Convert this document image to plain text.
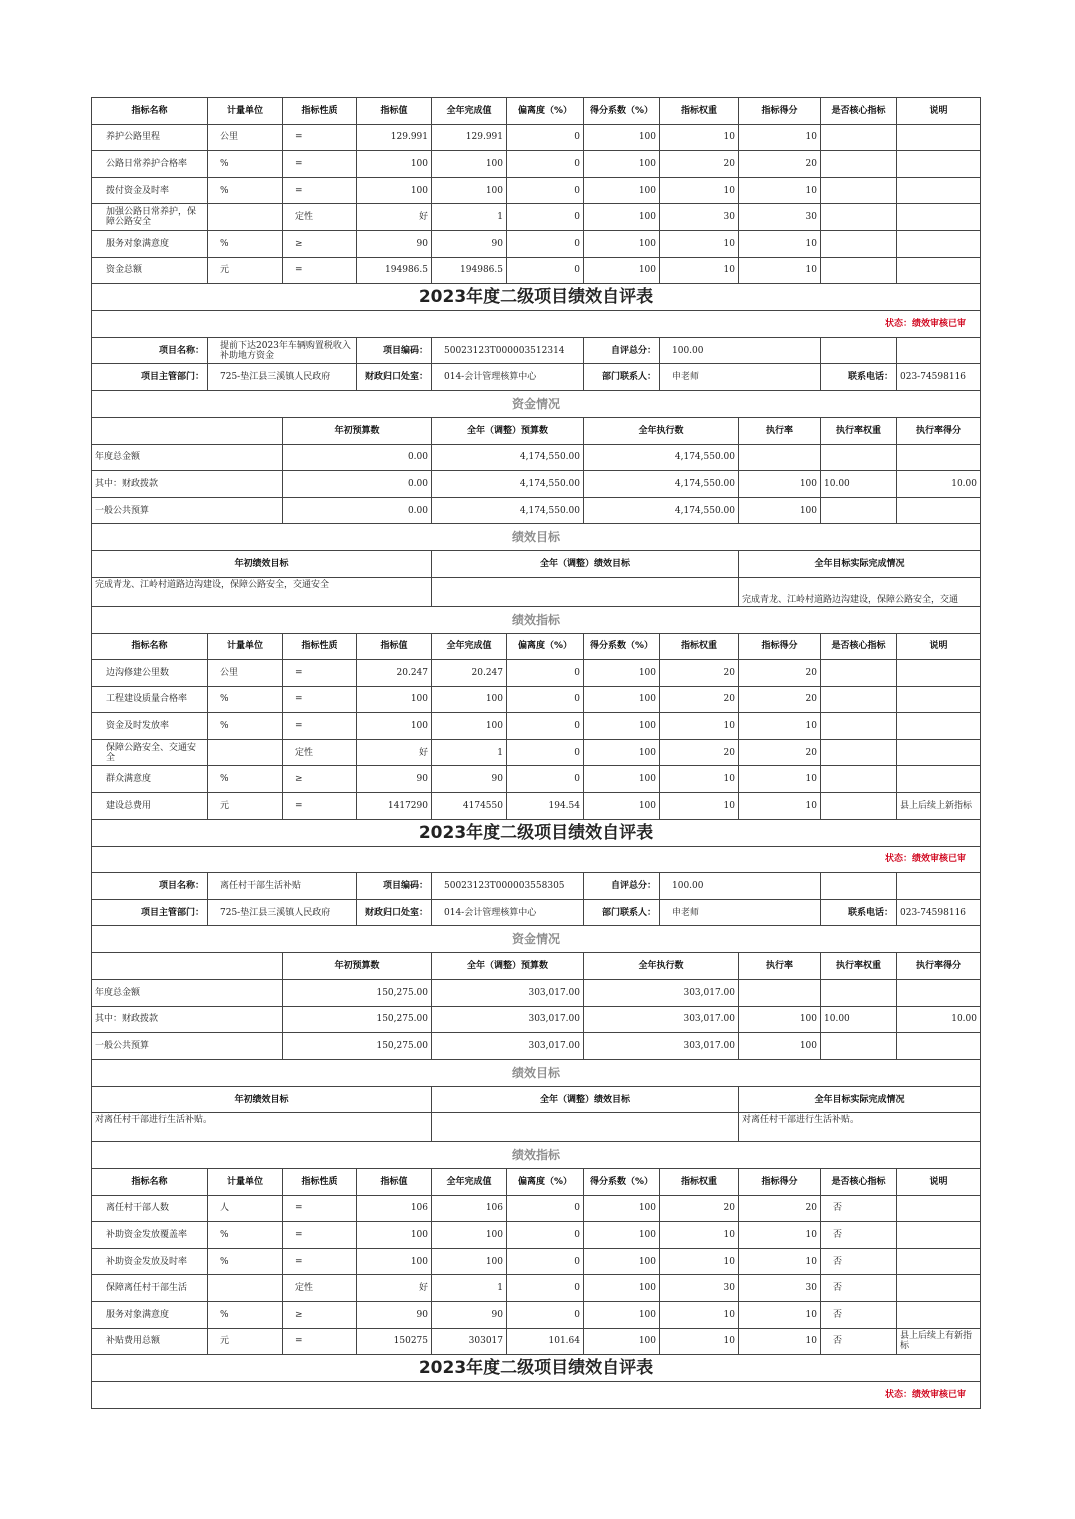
指标名称	计量单位	指标性质	指标值	全年完成值	偏离度（%）	得分系数（%）	指标权重	指标得分	是否核心指标	说明
养护公路里程	公里	=	129.991	129.991	0	100	10	10		
公路日常养护合格率	%	=	100	100	0	100	20	20		
拨付资金及时率	%	=	100	100	0	100	10	10		
加强公路日常养护，保障公路安全		定性	好	1	0	100	30	30		
服务对象满意度	%	≥	90	90	0	100	10	10		
资金总额	元	=	194986.5	194986.5	0	100	10	10		
2023年度二级项目绩效自评表										
状态：绩效审核已审										
项目名称：	提前下达2023年车辆购置税收入补助地方资金		项目编码：	50023123T000003512314		自评总分：	100.00			
项目主管部门：	725-垫江县三溪镇人民政府		财政归口处室：	014-会计管理核算中心		部门联系人：	申老师		联系电话：	023-74598116
资金情况										
		年初预算数		全年（调整）预算数		全年执行数		执行率	执行率权重	执行率得分
年度总金额		0.00		4,174,550.00		4,174,550.00				
其中：财政拨款		0.00		4,174,550.00		4,174,550.00		100	10.00	10.00
一般公共预算		0.00		4,174,550.00		4,174,550.00		100		
绩效目标										
年初绩效目标				全年（调整）绩效目标				全年目标实际完成情况		
完成青龙、江岭村道路边沟建设，保障公路安全，交通安全								完成青龙、江岭村道路边沟建设，保障公路安全，交通		
绩效指标										
指标名称	计量单位	指标性质	指标值	全年完成值	偏离度（%）	得分系数（%）	指标权重	指标得分	是否核心指标	说明
边沟修建公里数	公里	=	20.247	20.247	0	100	20	20		
工程建设质量合格率	%	=	100	100	0	100	20	20		
资金及时发放率	%	=	100	100	0	100	10	10		
保障公路安全、交通安全		定性	好	1	0	100	20	20		
群众满意度	%	≥	90	90	0	100	10	10		
建设总费用	元	=	1417290	4174550	194.54	100	10	10		县上后续上新指标
2023年度二级项目绩效自评表										
状态：绩效审核已审										
项目名称：	离任村干部生活补贴		项目编码：	50023123T000003558305		自评总分：	100.00			
项目主管部门：	725-垫江县三溪镇人民政府		财政归口处室：	014-会计管理核算中心		部门联系人：	申老师		联系电话：	023-74598116
资金情况										
		年初预算数		全年（调整）预算数		全年执行数		执行率	执行率权重	执行率得分
年度总金额		150,275.00		303,017.00		303,017.00				
其中：财政拨款		150,275.00		303,017.00		303,017.00		100	10.00	10.00
一般公共预算		150,275.00		303,017.00		303,017.00		100		
绩效目标										
年初绩效目标				全年（调整）绩效目标				全年目标实际完成情况		
对离任村干部进行生活补贴。								对离任村干部进行生活补贴。		
绩效指标										
指标名称	计量单位	指标性质	指标值	全年完成值	偏离度（%）	得分系数（%）	指标权重	指标得分	是否核心指标	说明
离任村干部人数	人	=	106	106	0	100	20	20	否	
补助资金发放覆盖率	%	=	100	100	0	100	10	10	否	
补助资金发放及时率	%	=	100	100	0	100	10	10	否	
保障离任村干部生活		定性	好	1	0	100	30	30	否	
服务对象满意度	%	≥	90	90	0	100	10	10	否	
补贴费用总额	元	=	150275	303017	101.64	100	10	10	否	县上后续上有新指标
2023年度二级项目绩效自评表										
状态：绩效审核已审										
